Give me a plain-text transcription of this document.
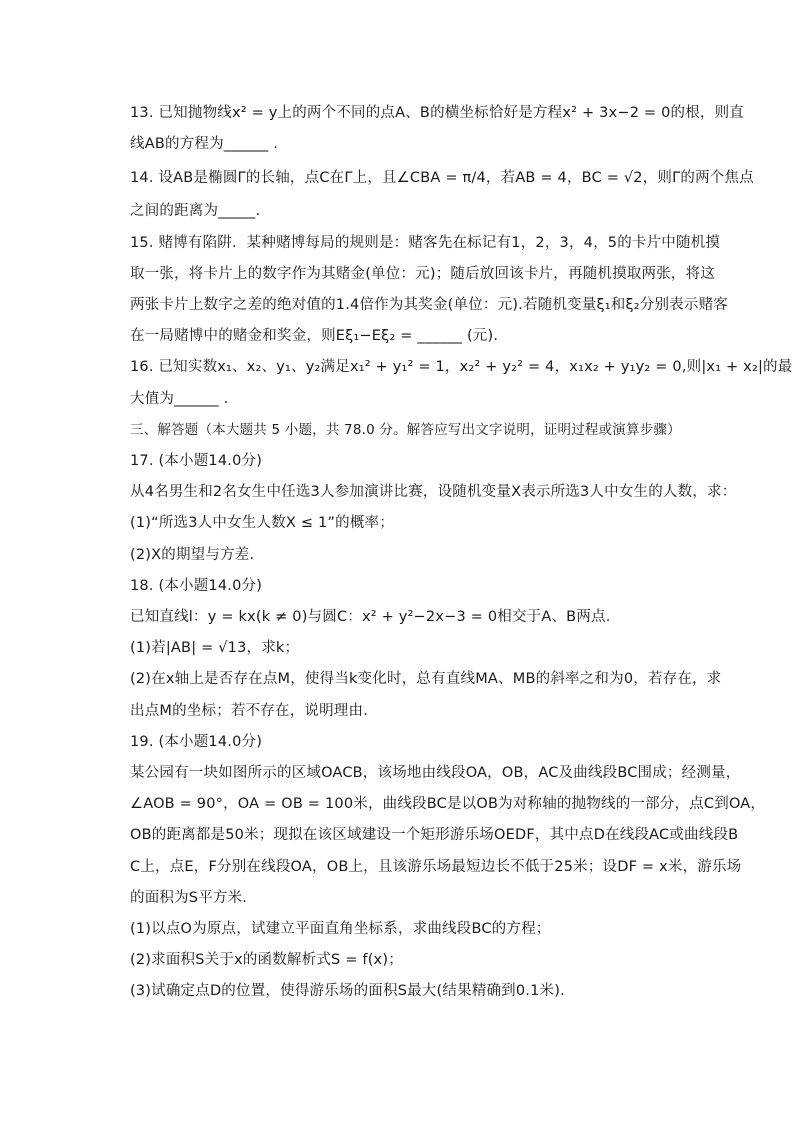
13. 已知抛物线x² = y上的两个不同的点A、B的横坐标恰好是方程x² + 3x−2 = 0的根，则直
线AB的方程为______ .
14. 设AB是椭圆Γ的长轴，点C在Γ上，且∠CBA = π/4，若AB = 4，BC = √2，则Γ的两个焦点
之间的距离为_____.
15. 赌博有陷阱．某种赌博每局的规则是：赌客先在标记有1，2，3，4，5的卡片中随机摸
取一张，将卡片上的数字作为其赌金(单位：元)；随后放回该卡片，再随机摸取两张，将这
两张卡片上数字之差的绝对值的1.4倍作为其奖金(单位：元).若随机变量ξ₁和ξ₂分别表示赌客
在一局赌博中的赌金和奖金，则Eξ₁−Eξ₂ = ______ (元).
16. 已知实数x₁、x₂、y₁、y₂满足x₁² + y₁² = 1，x₂² + y₂² = 4，x₁x₂ + y₁y₂ = 0,则|x₁ + x₂|的最
大值为______ .
三、解答题（本大题共 5 小题，共 78.0 分。解答应写出文字说明，证明过程或演算步骤）
17. (本小题14.0分)
从4名男生和2名女生中任选3人参加演讲比赛，设随机变量X表示所选3人中女生的人数，求：
(1)“所选3人中女生人数X ≤ 1”的概率；
(2)X的期望与方差.
18. (本小题14.0分)
已知直线l：y = kx(k ≠ 0)与圆C：x² + y²−2x−3 = 0相交于A、B两点.
(1)若|AB| = √13，求k；
(2)在x轴上是否存在点M，使得当k变化时，总有直线MA、MB的斜率之和为0，若存在，求
出点M的坐标；若不存在，说明理由.
19. (本小题14.0分)
某公园有一块如图所示的区域OACB，该场地由线段OA，OB，AC及曲线段BC围成；经测量，
∠AOB = 90°，OA = OB = 100米，曲线段BC是以OB为对称轴的抛物线的一部分，点C到OA，
OB的距离都是50米；现拟在该区域建设一个矩形游乐场OEDF，其中点D在线段AC或曲线段B
C上，点E，F分别在线段OA，OB上，且该游乐场最短边长不低于25米；设DF = x米，游乐场
的面积为S平方米.
(1)以点O为原点，试建立平面直角坐标系，求曲线段BC的方程；
(2)求面积S关于x的函数解析式S = f(x)；
(3)试确定点D的位置，使得游乐场的面积S最大(结果精确到0.1米).
